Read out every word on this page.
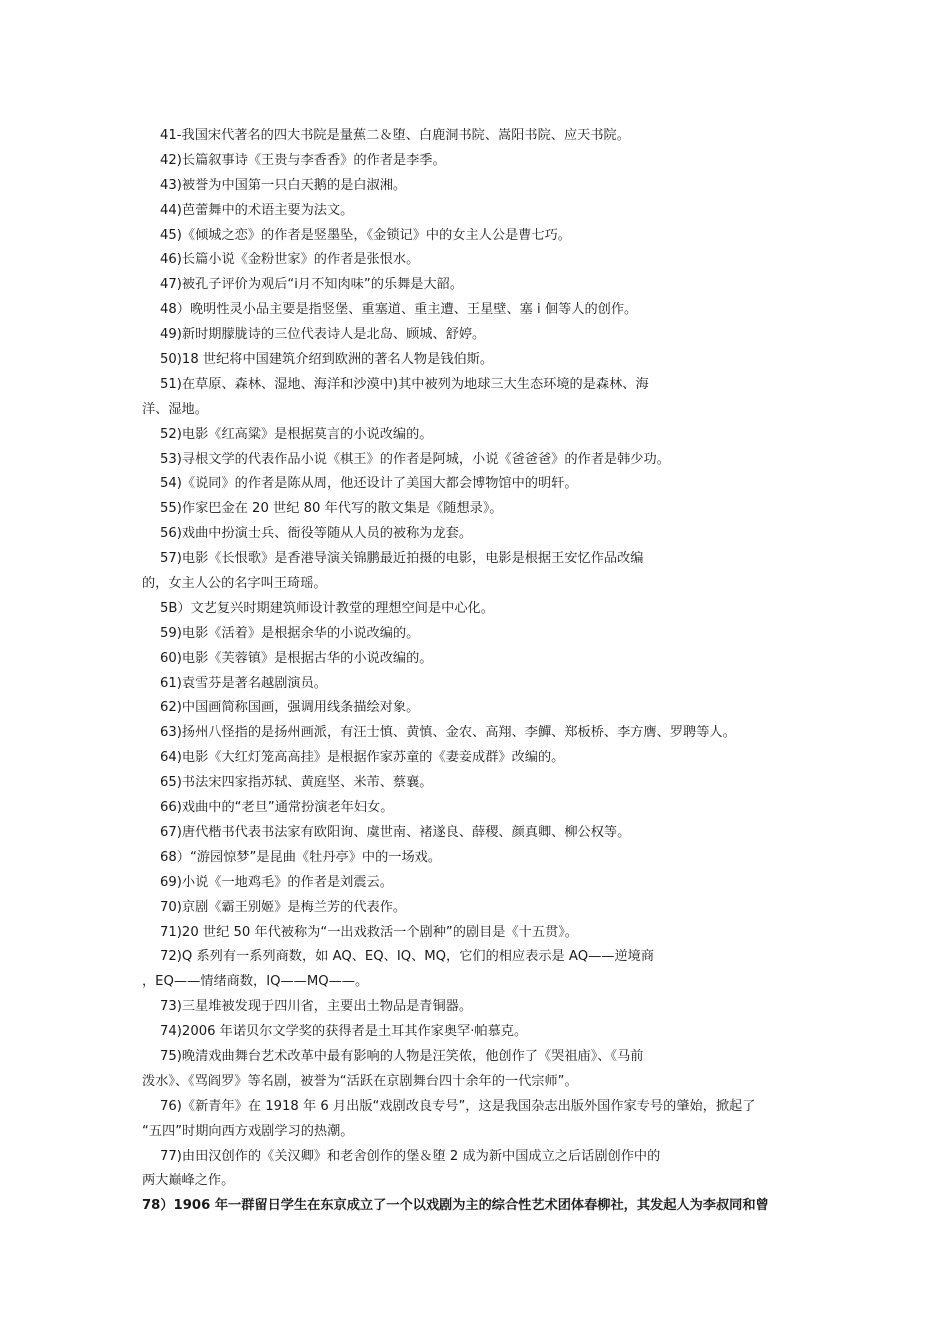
41-我国宋代著名的四大书院是量蕉二＆堕、白鹿洞书院、嵩阳书院、应天书院。
42)长篇叙事诗《王贵与李香香》的作者是李季。
43)被誉为中国第一只白天鹅的是白淑湘。
44)芭蕾舞中的术语主要为法文。
45)《倾城之恋》的作者是竖墨坠，《金锁记》中的女主人公是曹七巧。
46)长篇小说《金粉世家》的作者是张恨水。
47)被孔子评价为观后“i月不知肉味”的乐舞是大韶。
48）晚明性灵小品主要是指竖堡、重塞道、重主遭、王星壁、塞 i 佪等人的创作。
49)新时期朦胧诗的三位代表诗人是北岛、顾城、舒婷。
50)18 世纪将中国建筑介绍到欧洲的著名人物是钱伯斯。
51)在草原、森林、湿地、海洋和沙漠中)其中被列为地球三大生态环境的是森林、海
洋、湿地。
52)电影《红高粱》是根据莫言的小说改编的。
53)寻根文学的代表作品小说《棋王》的作者是阿城，小说《爸爸爸》的作者是韩少功。
54)《说同》的作者是陈从周，他还设计了美国大都会博物馆中的明轩。
55)作家巴金在 20 世纪 80 年代写的散文集是《随想录》。
56)戏曲中扮演士兵、衙役等随从人员的被称为龙套。
57)电影《长恨歌》是香港导演关锦鹏最近拍摄的电影，电影是根据王安忆作品改编
的，女主人公的名字叫王琦瑶。
5B）文艺复兴时期建筑师设计教堂的理想空间是中心化。
59)电影《活着》是根据余华的小说改编的。
60)电影《芙蓉镇》是根据古华的小说改编的。
61)袁雪芬是著名越剧演员。
62)中国画简称国画，强调用线条描绘对象。
63)扬州八怪指的是扬州画派，有汪士慎、黄慎、金农、高翔、李鱓、郑板桥、李方膺、罗聘等人。
64)电影《大红灯笼高高挂》是根据作家苏童的《妻妾成群》改编的。
65)书法宋四家指苏轼、黄庭坚、米芾、蔡襄。
66)戏曲中的“老旦”通常扮演老年妇女。
67)唐代楷书代表书法家有欧阳询、虞世南、褚遂良、薛稷、颜真卿、柳公权等。
68）“游园惊梦”是昆曲《牡丹亭》中的一场戏。
69)小说《一地鸡毛》的作者是刘震云。
70)京剧《霸王别姬》是梅兰芳的代表作。
71)20 世纪 50 年代被称为“一出戏救活一个剧种”的剧目是《十五贯》。
72)Q 系列有一系列商数，如 AQ、EQ、IQ、MQ，它们的相应表示是 AQ——逆境商
，EQ——情绪商数，IQ——MQ——。
73)三星堆被发现于四川省，主要出土物品是青铜器。
74)2006 年诺贝尔文学奖的获得者是土耳其作家奥罕·帕慕克。
75)晚清戏曲舞台艺术改革中最有影响的人物是汪笑侬，他创作了《哭祖庙》、《马前
泼水》、《骂阎罗》等名剧，被誉为“活跃在京剧舞台四十余年的一代宗师”。
76)《新青年》在 1918 年 6 月出版“戏剧改良专号”，这是我国杂志出版外国作家专号的肇始，掀起了
“五四”时期向西方戏剧学习的热潮。
77)由田汉创作的《关汉卿》和老舍创作的堡＆堕 2 成为新中国成立之后话剧创作中的
两大巅峰之作。
78）1906 年一群留日学生在东京成立了一个以戏剧为主的综合性艺术团体春柳社，其发起人为李叔同和曾
